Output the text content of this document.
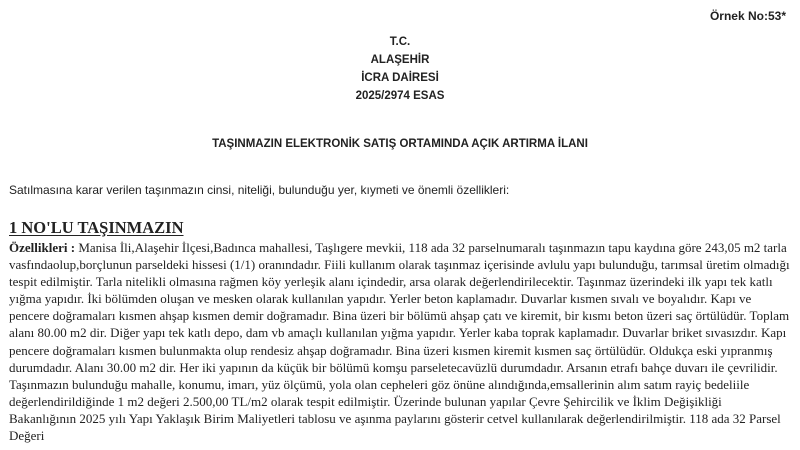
Örnek No:53*
T.C.
ALAŞEHİR
İCRA DAİRESİ
2025/2974 ESAS
TAŞINMAZIN ELEKTRONİK SATIŞ ORTAMINDA AÇIK ARTIRMA İLANI
Satılmasına karar verilen taşınmazın cinsi, niteliği, bulunduğu yer, kıymeti ve önemli özellikleri:
1 NO'LU TAŞINMAZIN
Özellikleri : Manisa İli,Alaşehir İlçesi,Badınca mahallesi, Taşlıgere mevkii, 118 ada 32 parselnumaralı taşınmazın tapu kaydına göre 243,05 m2 tarla vasfındaolup,borçlunun parseldeki hissesi (1/1) oranındadır. Fiili kullanım olarak taşınmaz içerisinde avlulu yapı bulunduğu, tarımsal üretim olmadığı tespit edilmiştir. Tarla nitelikli olmasına rağmen köy yerleşik alanı içindedir, arsa olarak değerlendirilecektir. Taşınmaz üzerindeki ilk yapı tek katlı yığma yapıdır. İki bölümden oluşan ve mesken olarak kullanılan yapıdır. Yerler beton kaplamadır. Duvarlar kısmen sıvalı ve boyalıdır. Kapı ve pencere doğramaları kısmen ahşap kısmen demir doğramadır. Bina üzeri bir bölümü ahşap çatı ve kiremit, bir kısmı beton üzeri saç örtülüdür. Toplam alanı 80.00 m2 dir. Diğer yapı tek katlı depo, dam vb amaçlı kullanılan yığma yapıdır. Yerler kaba toprak kaplamadır. Duvarlar briket sıvasızdır. Kapı pencere doğramaları kısmen bulunmakta olup rendesiz ahşap doğramadır. Bina üzeri kısmen kiremit kısmen saç örtülüdür. Oldukça eski yıpranmış durumdadır. Alanı 30.00 m2 dir. Her iki yapının da küçük bir bölümü komşu parseletecavüzlü durumdadır. Arsanın etrafı bahçe duvarı ile çevrilidir. Taşınmazın bulunduğu mahalle, konumu, imarı, yüz ölçümü, yola olan cepheleri göz önüne alındığında,emsallerinin alım satım rayiç bedeliile değerlendirildiğinde 1 m2 değeri 2.500,00 TL/m2 olarak tespit edilmiştir. Üzerinde bulunan yapılar Çevre Şehircilik ve İklim Değişikliği Bakanlığının 2025 yılı Yapı Yaklaşık Birim Maliyetleri tablosu ve aşınma paylarını gösterir cetvel kullanılarak değerlendirilmiştir. 118 ada 32 Parsel Değeri
